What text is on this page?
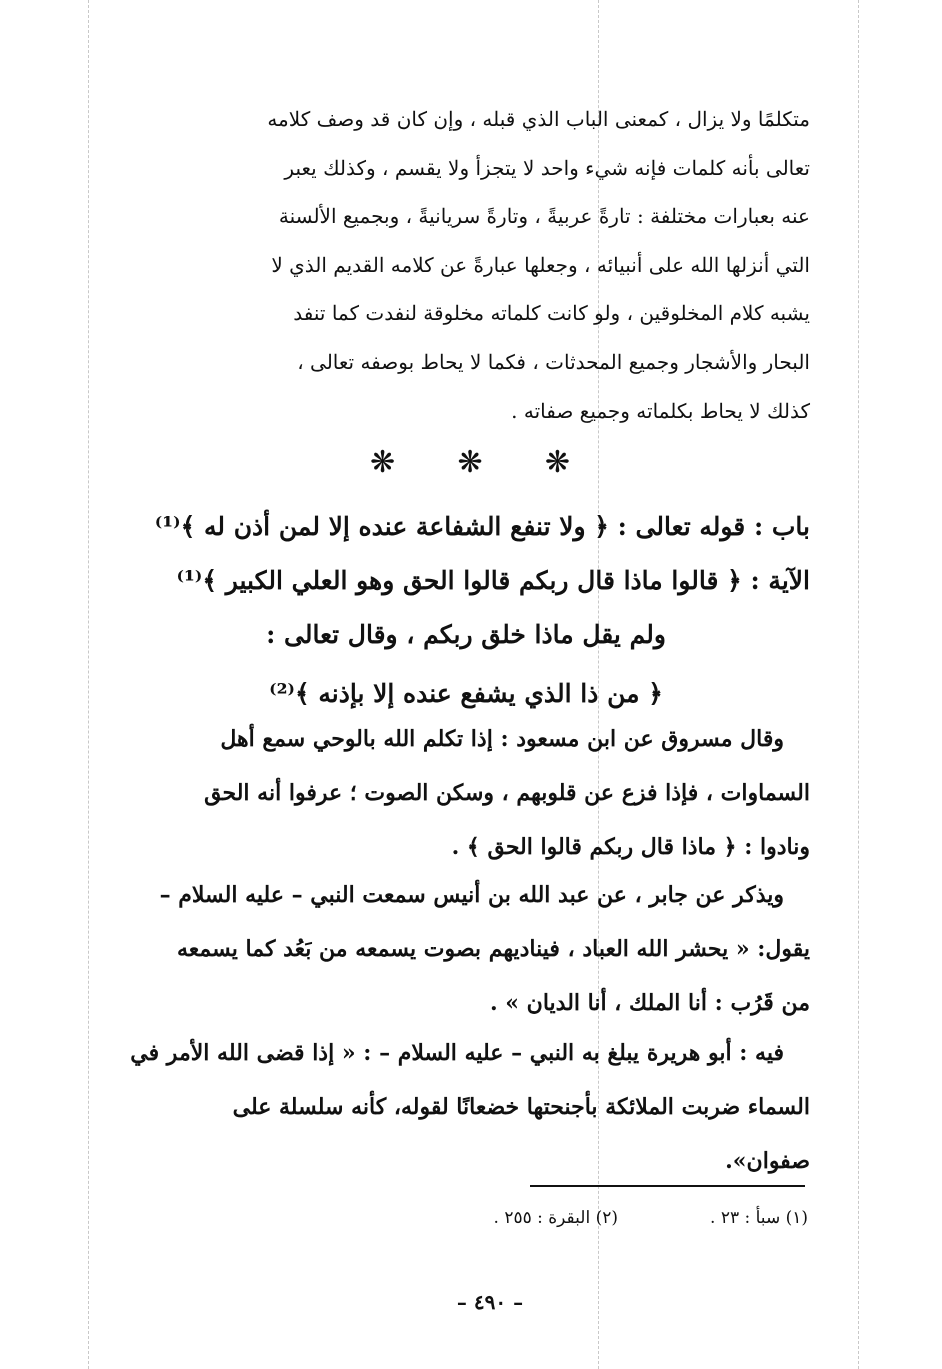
متكلمًا ولا يزال ، كمعنى الباب الذي قبله ، وإن كان قد وصف كلامه

تعالى بأنه كلمات فإنه شيء واحد لا يتجزأ ولا يقسم ، وكذلك يعبر

عنه بعبارات مختلفة : تارةً عربيةً ، وتارةً سريانيةً ، وبجميع الألسنة

التي أنزلها الله على أنبيائه ، وجعلها عبارةً عن كلامه القديم الذي لا

يشبه كلام المخلوقين ، ولو كانت كلماته مخلوقة لنفدت كما تنفد

البحار والأشجار وجميع المحدثات ، فكما لا يحاط بوصفه تعالى ،

كذلك لا يحاط بكلماته وجميع صفاته .

❋
❋
❋
باب : قوله تعالى : ﴿ ولا تنفع الشفاعة عنده إلا لمن أذن له ﴾⁽¹⁾
الآية : ﴿ قالوا ماذا قال ربكم قالوا الحق وهو العلي الكبير ﴾⁽¹⁾
ولم يقل ماذا خلق ربكم ، وقال تعالى :
﴿ من ذا الذي يشفع عنده إلا بإذنه ﴾⁽²⁾

وقال مسروق عن ابن مسعود : إذا تكلم الله بالوحي سمع أهل

السماوات ، فإذا فزع عن قلوبهم ، وسكن الصوت ؛ عرفوا أنه الحق

ونادوا : ﴿ ماذا قال ربكم قالوا الحق ﴾ .

ويذكر عن جابر ، عن عبد الله بن أنيس سمعت النبي – عليه السلام –

يقول: « يحشر الله العباد ، فيناديهم بصوت يسمعه من بَعُد كما يسمعه

من قَرُب : أنا الملك ، أنا الديان » .

فيه : أبو هريرة يبلغ به النبي – عليه السلام – : « إذا قضى الله الأمر في

السماء ضربت الملائكة بأجنحتها خضعانًا لقوله، كأنه سلسلة على

صفوان».

(١) سبأ : ٢٣ .
(٢) البقرة : ٢٥٥ .
– ٤٩٠ –
